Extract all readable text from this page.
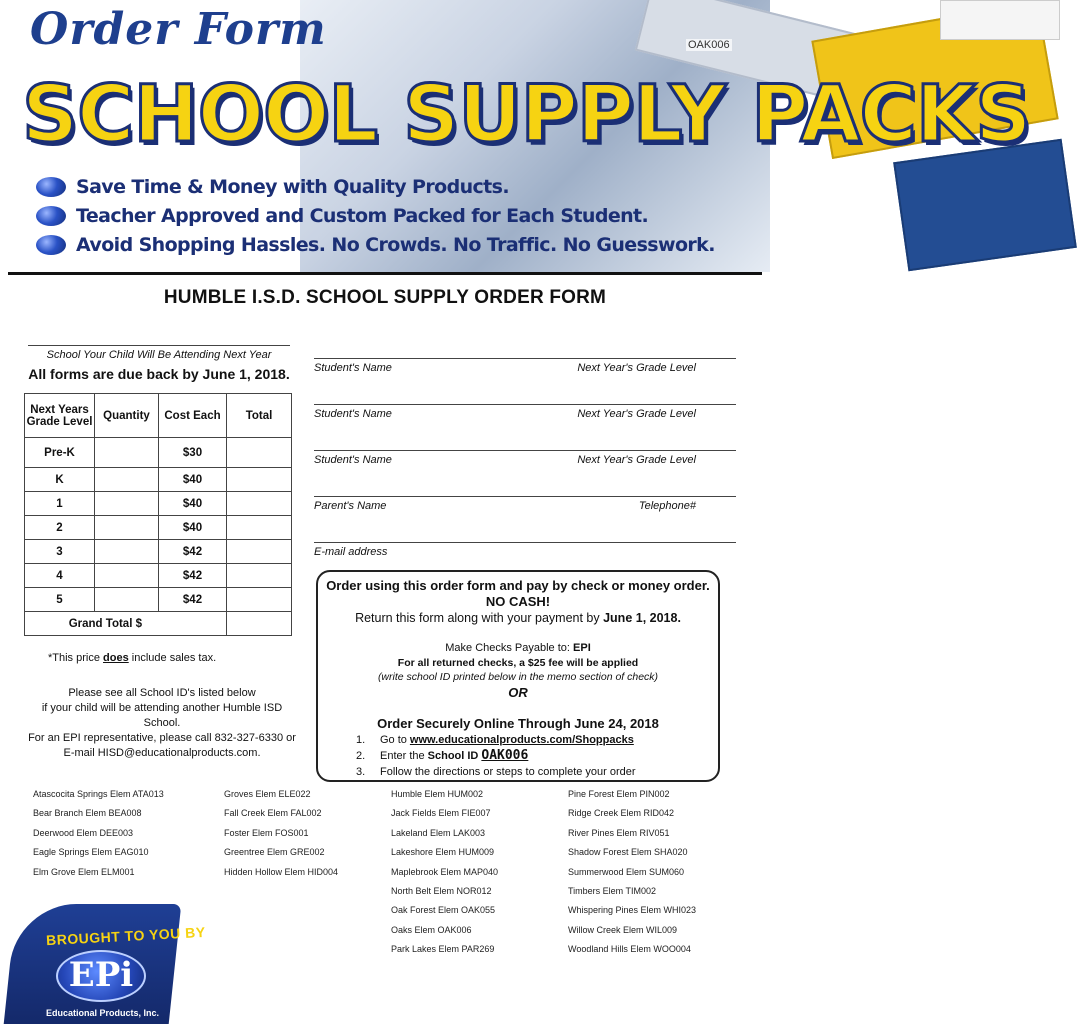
Order Form	OAK006
SCHOOL SUPPLY PACKS
Save Time & Money with Quality Products.
Teacher Approved and Custom Packed for Each Student.
Avoid Shopping Hassles. No Crowds. No Traffic. No Guesswork.
HUMBLE I.S.D. SCHOOL SUPPLY ORDER FORM
School Your Child Will Be Attending Next Year
All forms are due back by June 1, 2018.
Next Years Grade Level	Quantity	Cost Each	Total
Pre-K		$30	
K		$40	
1		$40	
2		$40	
3		$42	
4		$42	
5		$42	
Grand Total $			
*This price does include sales tax.
Please see all School ID's listed below
if your child will be attending another Humble ISD School.
For an EPI representative, please call 832-327-6330 or
E-mail HISD@educationalproducts.com.
Student's Name	Next Year's Grade Level
Student's Name	Next Year's Grade Level
Student's Name	Next Year's Grade Level
Parent's Name	Telephone#
E-mail address
Order using this order form and pay by check or money order.
NO CASH!
Return this form along with your payment by June 1, 2018.
Make Checks Payable to: EPI
For all returned checks, a $25 fee will be applied
(write school ID printed below in the memo section of check)
OR
Order Securely Online Through June 24, 2018
1.	Go to www.educationalproducts.com/Shoppacks
2.	Enter the School ID OAK006
3.	Follow the directions or steps to complete your order
Atascocita Springs Elem ATA013
Bear Branch Elem BEA008
Deerwood Elem DEE003
Eagle Springs Elem EAG010
Elm Grove Elem ELM001
Groves Elem ELE022
Fall Creek Elem FAL002
Foster Elem FOS001
Greentree Elem GRE002
Hidden Hollow Elem HID004
Humble Elem HUM002
Jack Fields Elem FIE007
Lakeland Elem LAK003
Lakeshore Elem HUM009
Maplebrook Elem MAP040
North Belt Elem NOR012
Oak Forest Elem OAK055
Oaks Elem OAK006
Park Lakes Elem PAR269
Pine Forest Elem PIN002
Ridge Creek Elem RID042
River Pines Elem RIV051
Shadow Forest Elem SHA020
Summerwood Elem SUM060
Timbers Elem TIM002
Whispering Pines Elem WHI023
Willow Creek Elem WIL009
Woodland Hills Elem WOO004
BROUGHT TO YOU BY
EPi
Educational Products, Inc.
